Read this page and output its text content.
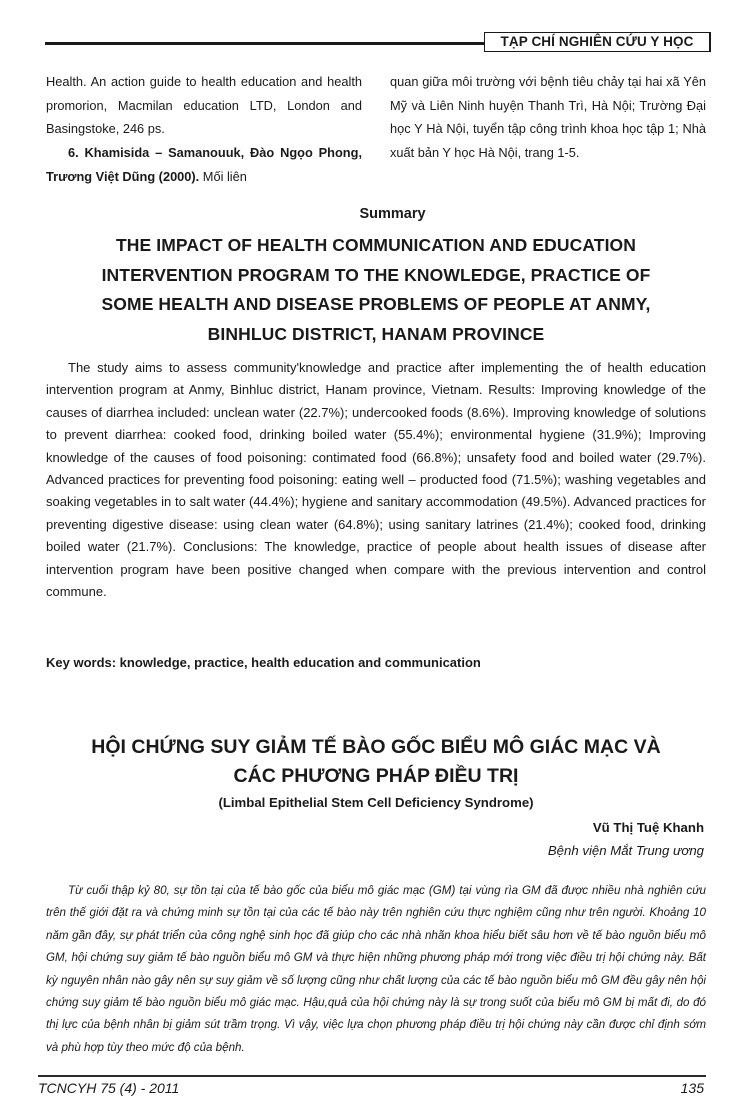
TẠP CHÍ NGHIÊN CỨU Y HỌC

Health. An action guide to health education and health promorion, Macmilan education LTD, London and Basingstoke, 246 ps.

6. Khamisida – Samanouuk, Đào Ngọo Phong, Trương Việt Dũng (2000). Mối liên

quan giữa môi trường với bệnh tiêu chảy tại hai xã Yên Mỹ và Liên Ninh huyện Thanh Trì, Hà Nội; Trường Đại học Y Hà Nội, tuyển tập công trình khoa học tập 1; Nhà xuất bản Y học Hà Nội, trang 1-5.

Summary
THE IMPACT OF HEALTH COMMUNICATION AND EDUCATION
INTERVENTION PROGRAM TO THE KNOWLEDGE, PRACTICE OF
SOME HEALTH AND DISEASE PROBLEMS OF PEOPLE AT ANMY,
BINHLUC DISTRICT, HANAM PROVINCE

The study aims to assess community'knowledge and practice after implementing the of health education intervention program at Anmy, Binhluc district, Hanam province, Vietnam. Results: Improving knowledge of the causes of diarrhea included: unclean water (22.7%); undercooked foods (8.6%). Improving knowledge of solutions to prevent diarrhea: cooked food, drinking boiled water (55.4%); environmental hygiene (31.9%); Improving knowledge of the causes of food poisoning: contimated food (66.8%); unsafety food and boiled water (29.7%). Advanced practices for preventing food poisoning: eating well – producted food (71.5%); washing vegetables and soaking vegetables in to salt water (44.4%); hygiene and sanitary accommodation (49.5%). Advanced practices for preventing digestive disease: using clean water (64.8%); using sanitary latrines (21.4%); cooked food, drinking boiled water (21.7%). Conclusions: The knowledge, practice of people about health issues of disease after intervention program have been positive changed when compare with the previous intervention and control commune.

Key words: knowledge, practice, health education and communication
HỘI CHỨNG SUY GIẢM TẾ BÀO GỐC BIỂU MÔ GIÁC MẠC VÀ
CÁC PHƯƠNG PHÁP ĐIỀU TRỊ
(Limbal Epithelial Stem Cell Deficiency Syndrome)
Vũ Thị Tuệ Khanh
Bệnh viện Mắt Trung ương

Từ cuối thập kỷ 80, sự tồn tại của tế bào gốc của biểu mô giác mạc (GM) tại vùng rìa GM đã được nhiều nhà nghiên cứu trên thế giới đặt ra và chứng minh sự tồn tại của các tế bào này trên nghiên cứu thực nghiệm cũng như trên người. Khoảng 10 năm gần đây, sự phát triển của công nghệ sinh học đã giúp cho các nhà nhãn khoa hiểu biết sâu hơn về tế bào nguồn biểu mô GM, hội chứng suy giảm tế bào nguồn biểu mô GM và thực hiện những phương pháp mới trong việc điều trị hội chứng này. Bất kỳ nguyên nhân nào gây nên sự suy giảm về số lượng cũng như chất lượng của các tế bào nguồn biểu mô GM đều gây nên hội chứng suy giảm tế bào nguồn biểu mô giác mạc. Hậu,quả của hội chứng này là sự trong suốt của biểu mô GM bị mất đi, do đó thị lực của bệnh nhân bị giảm sút trầm trọng. Vì vậy, việc lựa chọn phương pháp điều trị hội chứng này cần được chỉ định sớm và phù hợp tùy theo mức độ của bệnh.

TCNCYH 75 (4) - 2011	135
